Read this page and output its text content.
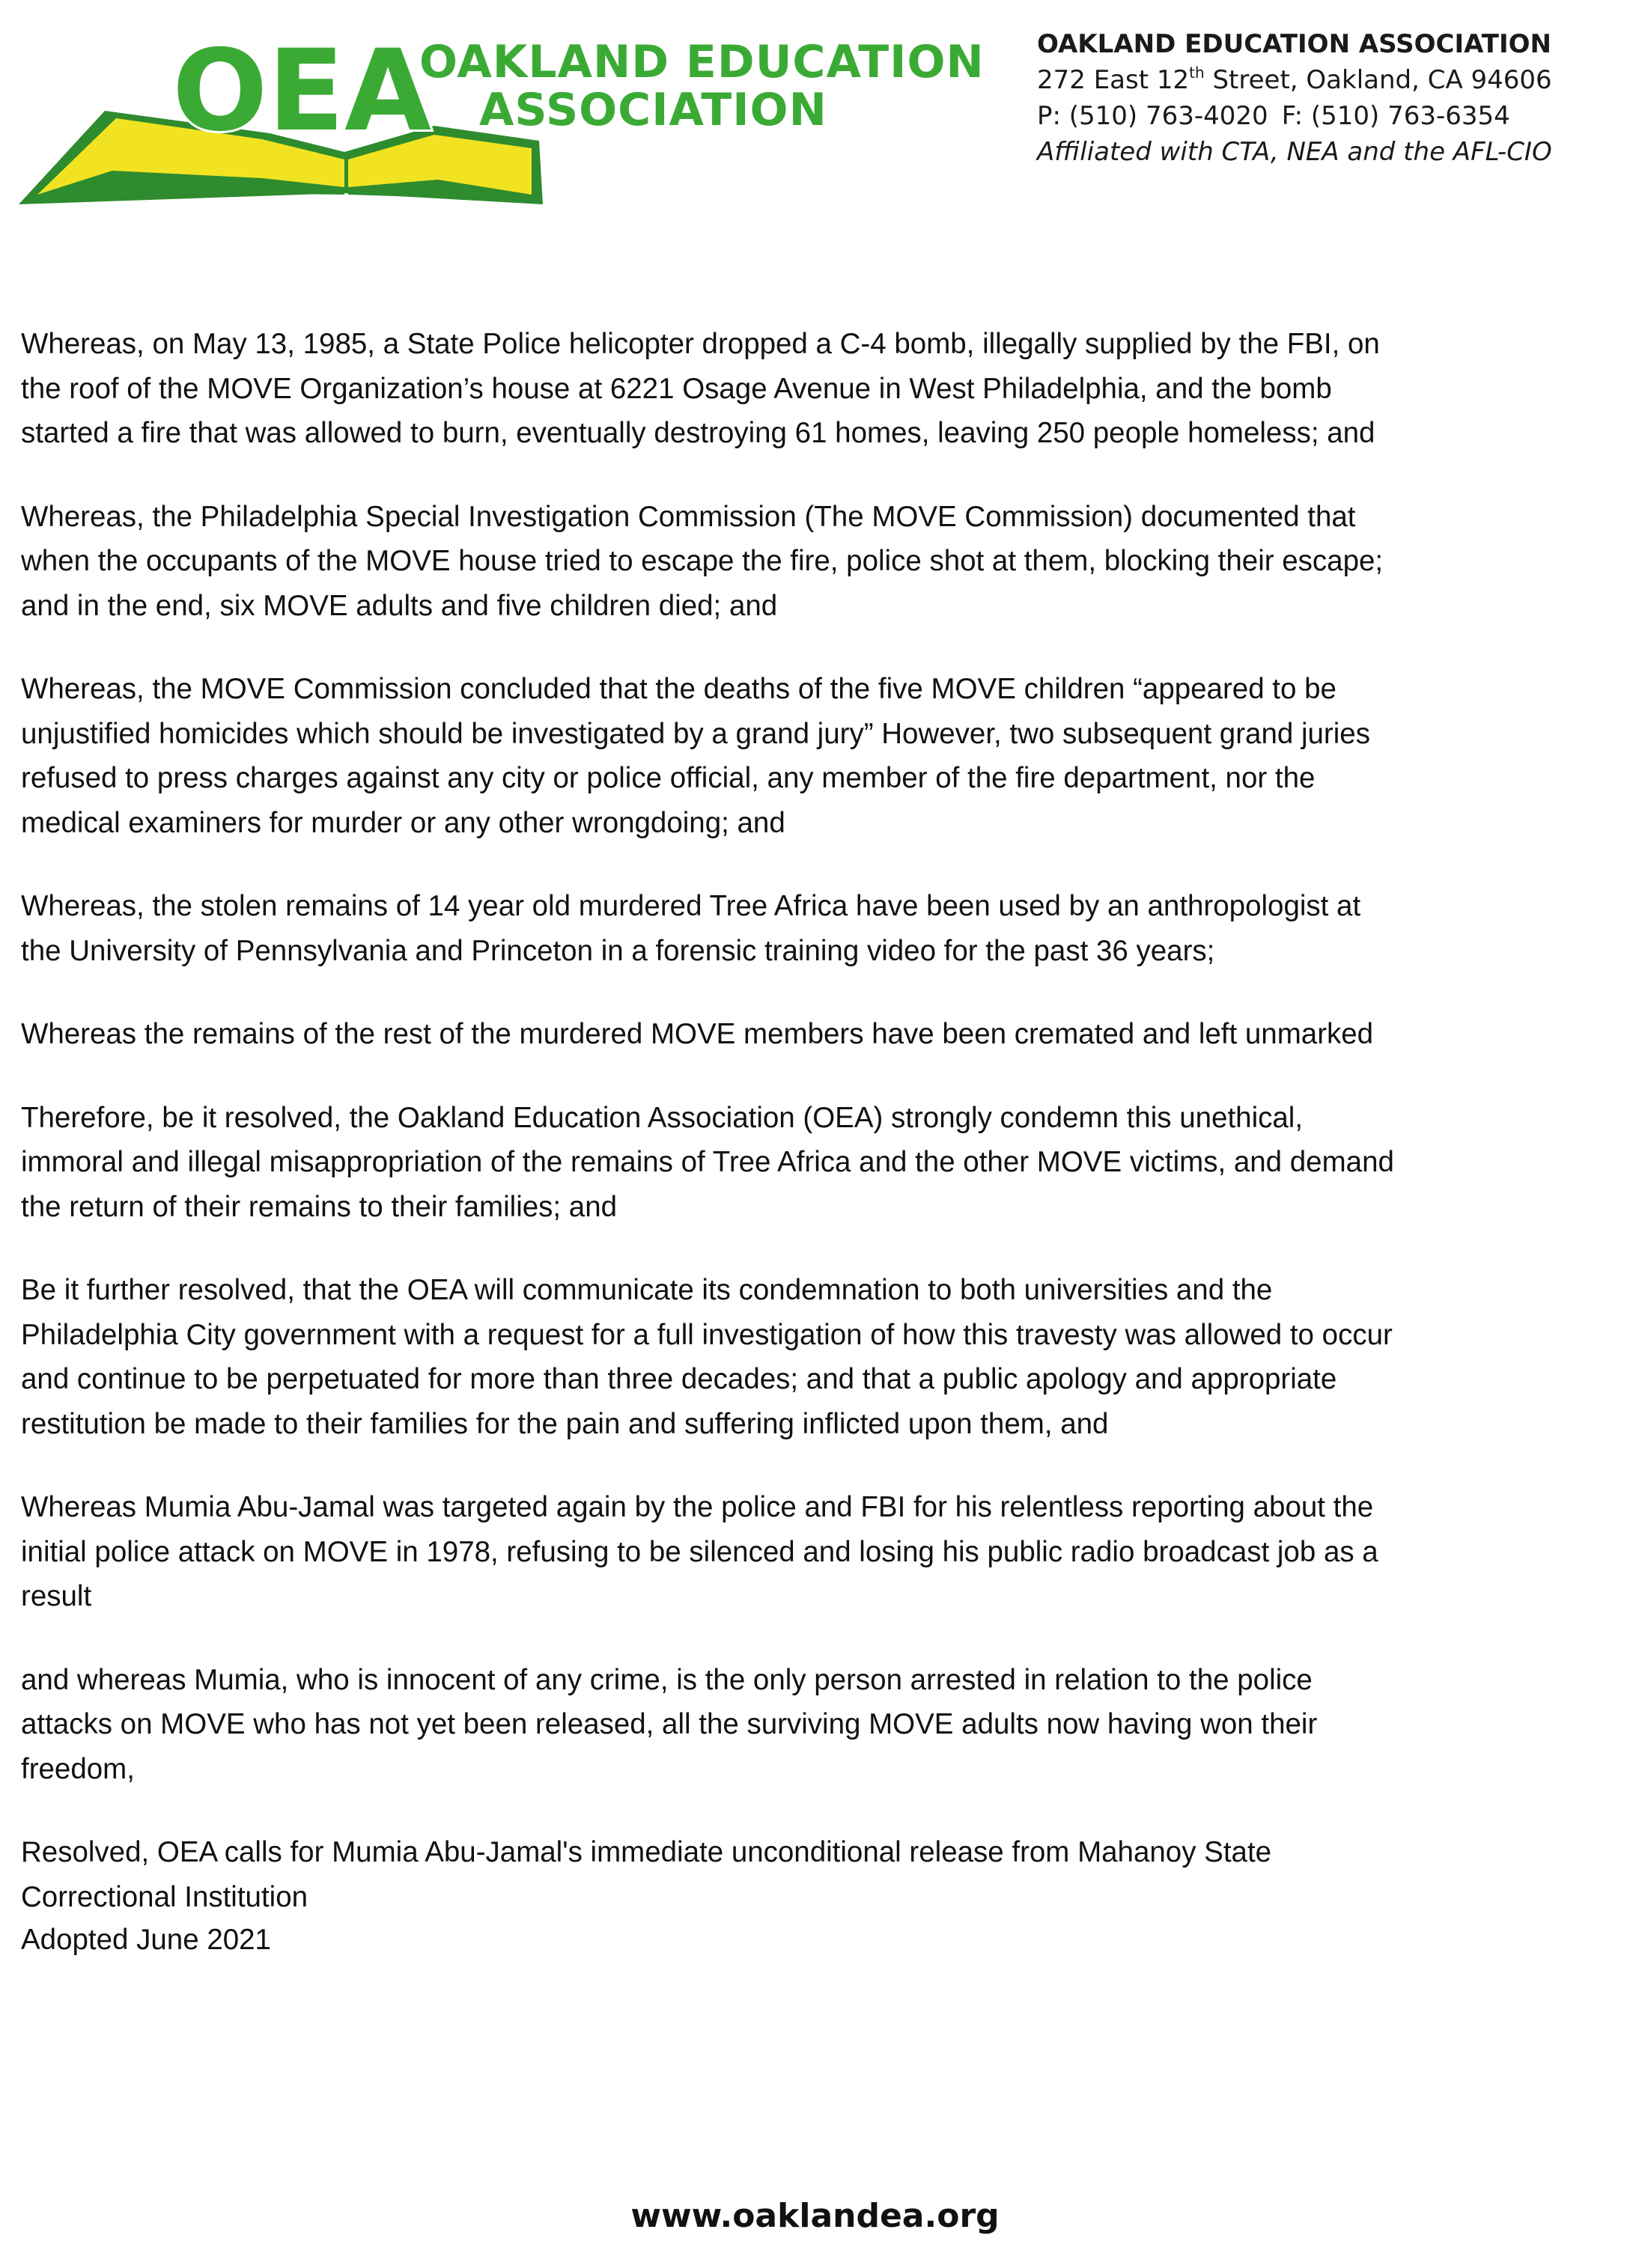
OEA
OAKLAND EDUCATION
ASSOCIATION
OAKLAND EDUCATION ASSOCIATION
272 East 12th Street, Oakland, CA 94606
P: (510) 763-4020 F: (510) 763-6354
Affiliated with CTA, NEA and the AFL-CIO

Whereas, on May 13, 1985, a State Police helicopter dropped a C-4 bomb, illegally supplied by the FBI, on
the roof of the MOVE Organization’s house at 6221 Osage Avenue in West Philadelphia, and the bomb
started a fire that was allowed to burn, eventually destroying 61 homes, leaving 250 people homeless; and

Whereas, the Philadelphia Special Investigation Commission (The MOVE Commission) documented that
when the occupants of the MOVE house tried to escape the fire, police shot at them, blocking their escape;
and in the end, six MOVE adults and five children died; and

Whereas, the MOVE Commission concluded that the deaths of the five MOVE children “appeared to be
unjustified homicides which should be investigated by a grand jury” However, two subsequent grand juries
refused to press charges against any city or police official, any member of the fire department, nor the
medical examiners for murder or any other wrongdoing; and

Whereas, the stolen remains of 14 year old murdered Tree Africa have been used by an anthropologist at
the University of Pennsylvania and Princeton in a forensic training video for the past 36 years;

Whereas the remains of the rest of the murdered MOVE members have been cremated and left unmarked

Therefore, be it resolved, the Oakland Education Association (OEA) strongly condemn this unethical,
immoral and illegal misappropriation of the remains of Tree Africa and the other MOVE victims, and demand
the return of their remains to their families; and

Be it further resolved, that the OEA will communicate its condemnation to both universities and the
Philadelphia City government with a request for a full investigation of how this travesty was allowed to occur
and continue to be perpetuated for more than three decades; and that a public apology and appropriate
restitution be made to their families for the pain and suffering inflicted upon them, and

Whereas Mumia Abu-Jamal was targeted again by the police and FBI for his relentless reporting about the
initial police attack on MOVE in 1978, refusing to be silenced and losing his public radio broadcast job as a
result

and whereas Mumia, who is innocent of any crime, is the only person arrested in relation to the police
attacks on MOVE who has not yet been released, all the surviving MOVE adults now having won their
freedom,

Resolved, OEA calls for Mumia Abu-Jamal's immediate unconditional release from Mahanoy State
Correctional Institution

Adopted June 2021
www.oaklandea.org
